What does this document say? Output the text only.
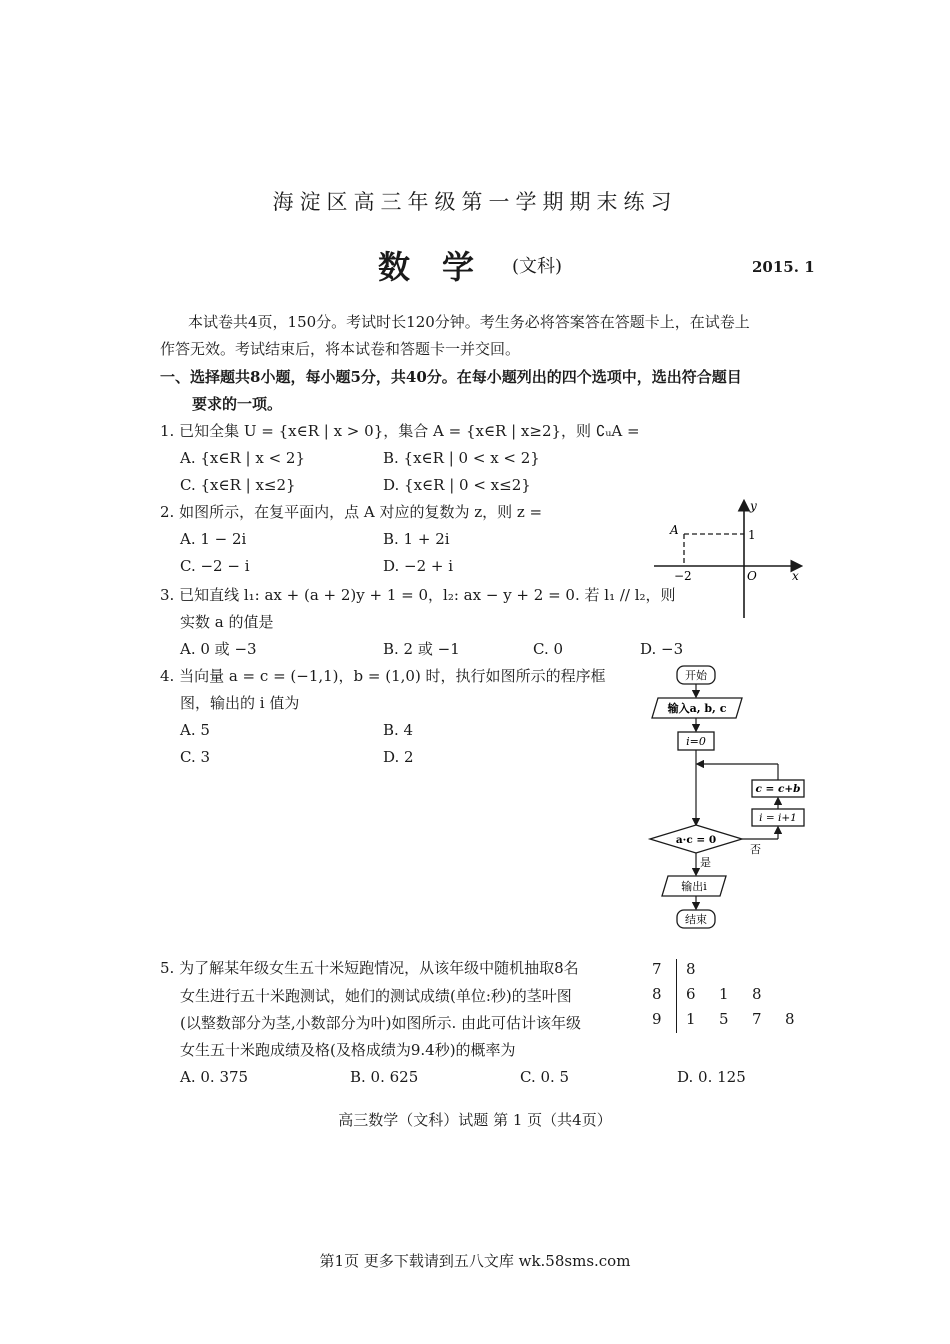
海淀区高三年级第一学期期末练习
数学 (文科)	2015. 1
本试卷共4页，150分。考试时长120分钟。考生务必将答案答在答题卡上，在试卷上
作答无效。考试结束后，将本试卷和答题卡一并交回。
一、选择题共8小题，每小题5分，共40分。在每小题列出的四个选项中，选出符合题目
要求的一项。
1. 已知全集 U = {x∈R | x > 0}，集合 A = {x∈R | x≥2}，则 ∁ᵤA =
A. {x∈R | x < 2}	B. {x∈R | 0 < x < 2}
C. {x∈R | x≤2}	D. {x∈R | 0 < x≤2}
2. 如图所示，在复平面内，点 A 对应的复数为 z，则 z =
A. 1 − 2i	B. 1 + 2i
C. −2 − i	D. −2 + i
y
x
O
A	1
−2
3. 已知直线 l₁: ax + (a + 2)y + 1 = 0，l₂: ax − y + 2 = 0. 若 l₁ // l₂，则
实数 a 的值是
A. 0 或 −3	B. 2 或 −1	C. 0	D. −3
4. 当向量 a = c = (−1,1)，b = (1,0) 时，执行如图所示的程序框
图，输出的 i 值为
A. 5	B. 4
C. 3	D. 2
开始
输入a, b, c
i=0
c = c+b
i = i+1
a·c = 0
否
是
输出i
结束
5. 为了解某年级女生五十米短跑情况，从该年级中随机抽取8名
女生进行五十米跑测试，她们的测试成绩(单位:秒)的茎叶图
(以整数部分为茎,小数部分为叶)如图所示. 由此可估计该年级
女生五十米跑成绩及格(及格成绩为9.4秒)的概率为
A. 0. 375	B. 0. 625	C. 0. 5	D. 0. 125
7 8
8 6 1 8
9 1 5 7 8
高三数学（文科）试题 第 1 页（共4页）
第1页 更多下载请到五八文库 wk.58sms.com
